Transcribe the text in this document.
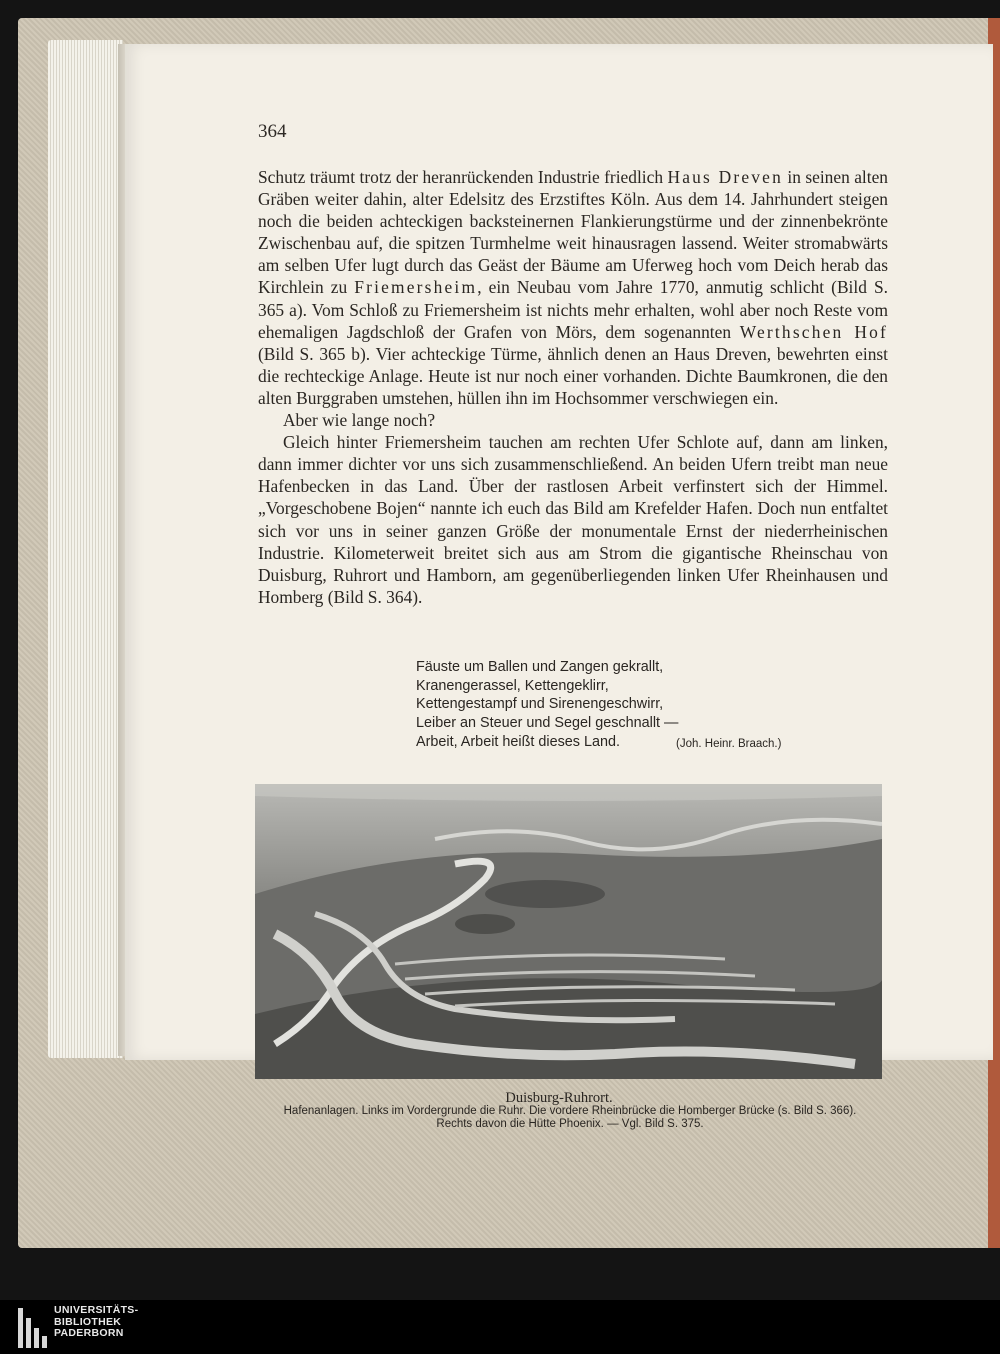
364

Schutz träumt trotz der heranrückenden Industrie friedlich Haus Dreven in seinen alten Gräben weiter dahin, alter Edelsitz des Erzstiftes Köln. Aus dem 14. Jahrhundert steigen noch die beiden achteckigen backsteinernen Flankierungstürme und der zinnenbekrönte Zwischenbau auf, die spitzen Turmhelme weit hinausragen lassend. Weiter stromabwärts am selben Ufer lugt durch das Geäst der Bäume am Uferweg hoch vom Deich herab das Kirchlein zu Friemersheim, ein Neubau vom Jahre 1770, anmutig schlicht (Bild S. 365 a). Vom Schloß zu Friemersheim ist nichts mehr erhalten, wohl aber noch Reste vom ehemaligen Jagdschloß der Grafen von Mörs, dem sogenannten Werthschen Hof (Bild S. 365 b). Vier achteckige Türme, ähnlich denen an Haus Dreven, bewehrten einst die rechteckige Anlage. Heute ist nur noch einer vorhanden. Dichte Baumkronen, die den alten Burggraben umstehen, hüllen ihn im Hochsommer verschwiegen ein.

Aber wie lange noch?

Gleich hinter Friemersheim tauchen am rechten Ufer Schlote auf, dann am linken, dann immer dichter vor uns sich zusammenschließend. An beiden Ufern treibt man neue Hafenbecken in das Land. Über der rastlosen Arbeit verfinstert sich der Himmel. „Vorgeschobene Bojen“ nannte ich euch das Bild am Krefelder Hafen. Doch nun entfaltet sich vor uns in seiner ganzen Größe der monumentale Ernst der niederrheinischen Industrie. Kilometerweit breitet sich aus am Strom die gigantische Rheinschau von Duisburg, Ruhrort und Hamborn, am gegenüberliegenden linken Ufer Rheinhausen und Homberg (Bild S. 364).

Fäuste um Ballen und Zangen gekrallt,
Kranengerassel, Kettengeklirr,
Kettengestampf und Sirenengeschwirr,
Leiber an Steuer und Segel geschnallt —
Arbeit, Arbeit heißt dieses Land.	(Joh. Heinr. Braach.)
Duisburg-Ruhrort.
Hafenanlagen. Links im Vordergrunde die Ruhr. Die vordere Rheinbrücke die Homberger Brücke (s. Bild S. 366).
Rechts davon die Hütte Phoenix. — Vgl. Bild S. 375.
UNIVERSITÄTS-
BIBLIOTHEK
PADERBORN
